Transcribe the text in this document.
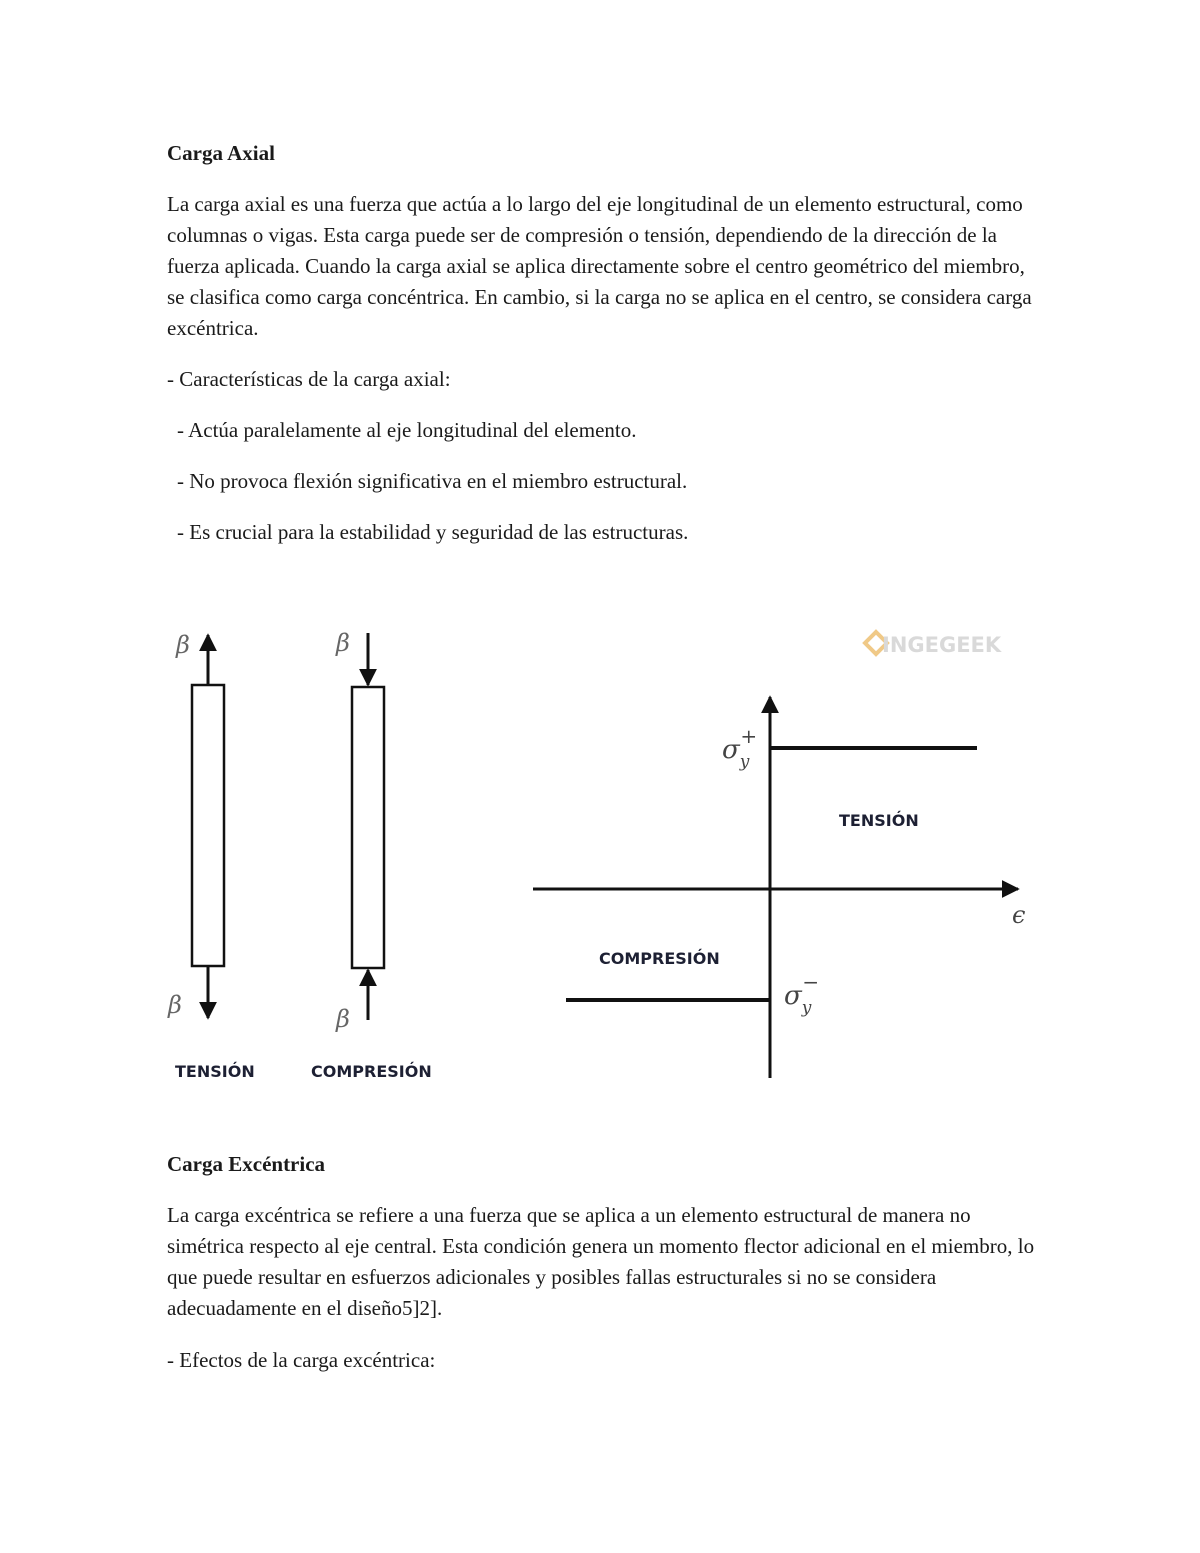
Carga Axial

La carga axial es una fuerza que actúa a lo largo del eje longitudinal de un elemento estructural, como columnas o vigas. Esta carga puede ser de compresión o tensión, dependiendo de la dirección de la fuerza aplicada. Cuando la carga axial se aplica directamente sobre el centro geométrico del miembro, se clasifica como carga concéntrica. En cambio, si la carga no se aplica en el centro, se considera carga excéntrica.

- Características de la carga axial:

- Actúa paralelamente al eje longitudinal del elemento.

- No provoca flexión significativa en el miembro estructural.

- Es crucial para la estabilidad y seguridad de las estructuras.

β
β
TENSIÓN
β
β
COMPRESIÓN
INGEGEEK
TENSIÓN
COMPRESIÓN
$\sigma_y+$
$\sigma_y-$
ϵ
Carga Excéntrica

La carga excéntrica se refiere a una fuerza que se aplica a un elemento estructural de manera no simétrica respecto al eje central. Esta condición genera un momento flector adicional en el miembro, lo que puede resultar en esfuerzos adicionales y posibles fallas estructurales si no se considera adecuadamente en el diseño5]2].

- Efectos de la carga excéntrica:
